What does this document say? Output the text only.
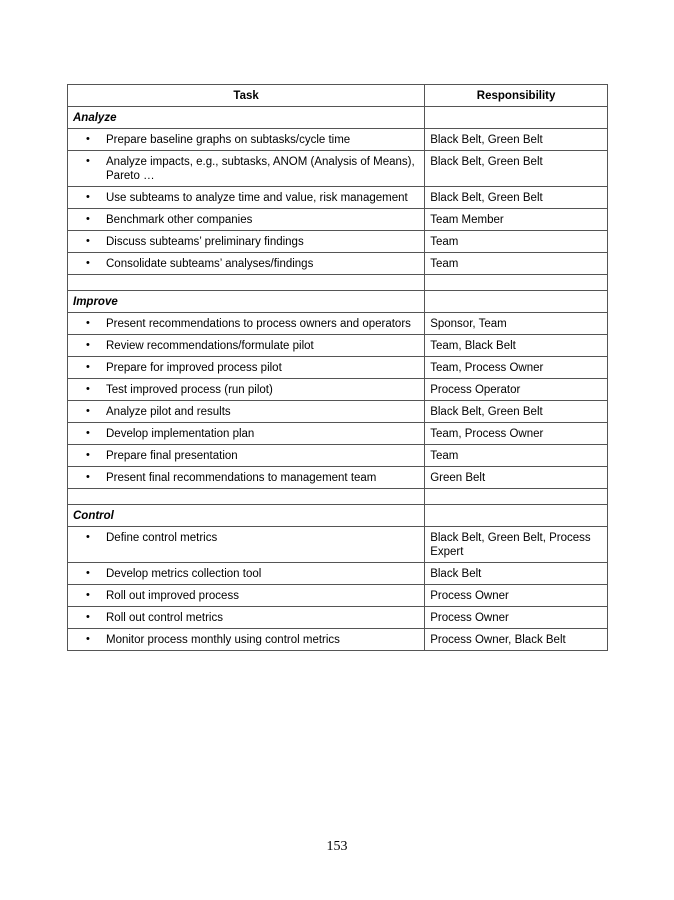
Task	Responsibility
Analyze	

• Prepare baseline graphs on subtasks/cycle time	Black Belt, Green Belt

• Analyze impacts, e.g., subtasks, ANOM (Analysis of Means), Pareto …	Black Belt, Green Belt

• Use subteams to analyze time and value, risk management	Black Belt, Green Belt

• Benchmark other companies	Team Member

• Discuss subteams’ preliminary findings	Team

• Consolidate subteams’ analyses/findings	Team

Improve	

• Present recommendations to process owners and operators	Sponsor, Team

• Review recommendations/formulate pilot	Team, Black Belt

• Prepare for improved process pilot	Team, Process Owner

• Test improved process (run pilot)	Process Operator

• Analyze pilot and results	Black Belt, Green Belt

• Develop implementation plan	Team, Process Owner

• Prepare final presentation	Team

• Present final recommendations to management team	Green Belt

Control	

• Define control metrics	Black Belt, Green Belt, Process Expert

• Develop metrics collection tool	Black Belt

• Roll out improved process	Process Owner

• Roll out control metrics	Process Owner

• Monitor process monthly using control metrics	Process Owner, Black Belt
153
